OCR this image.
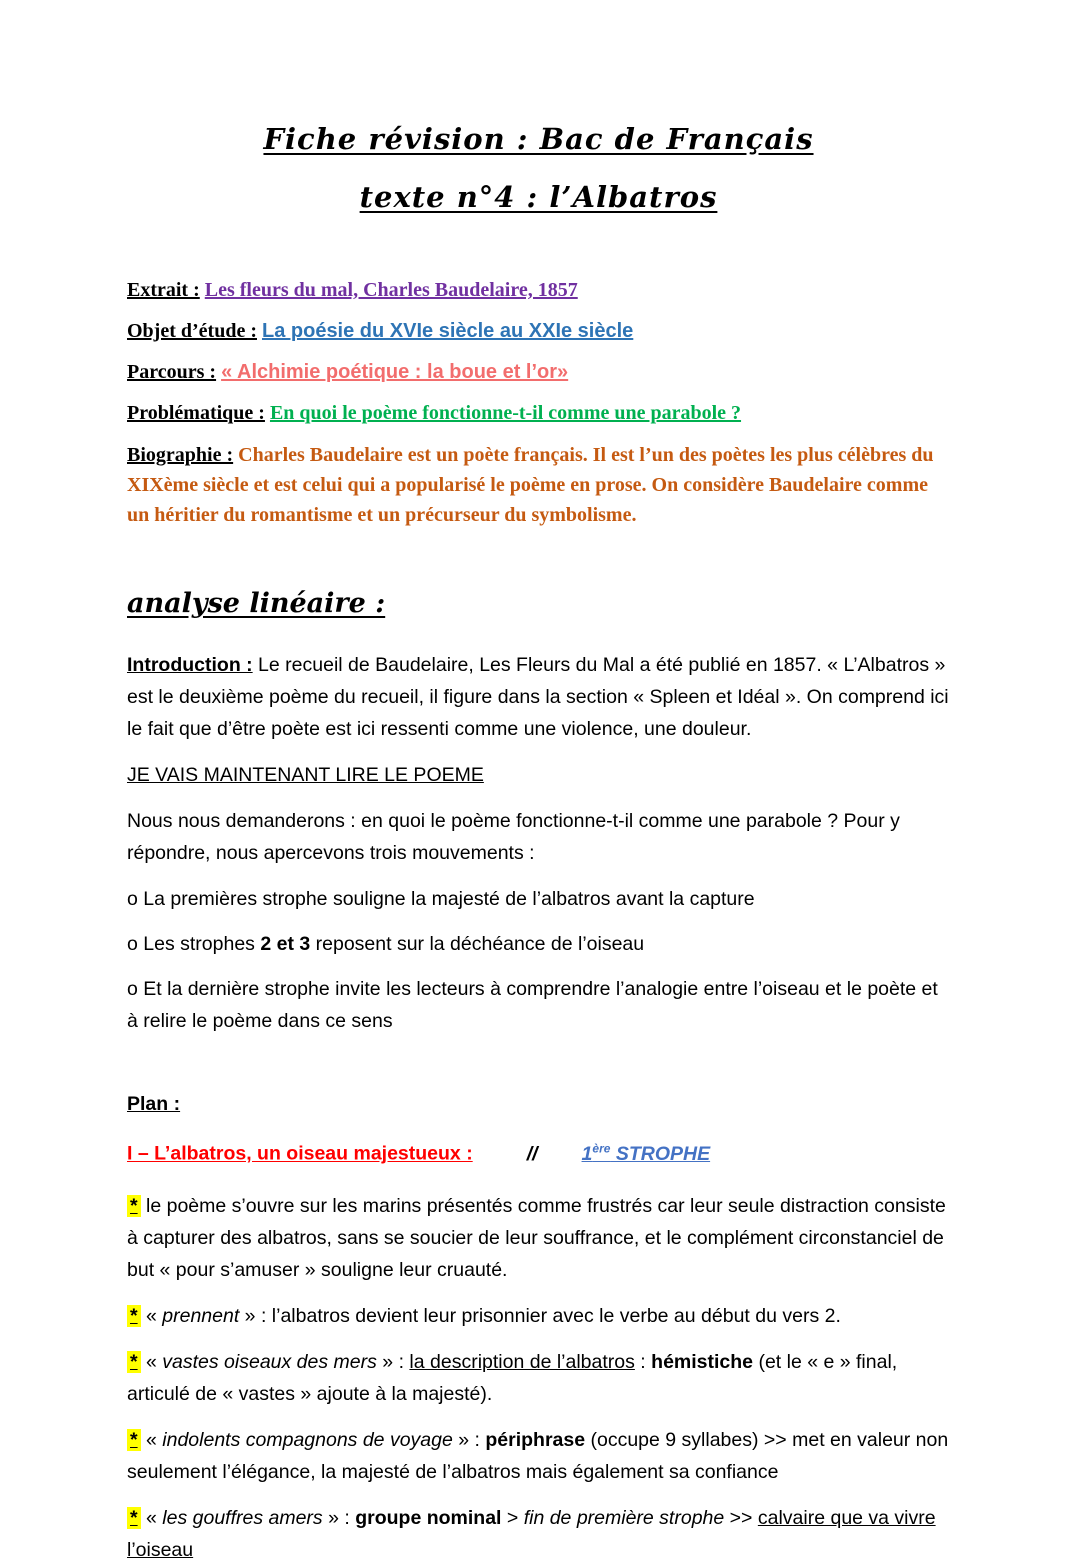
Fiche révision : Bac de Français
texte n°4 : l’Albatros

Extrait : Les fleurs du mal, Charles Baudelaire, 1857

Objet d’étude : La poésie du XVIe siècle au XXIe siècle

Parcours : « Alchimie poétique : la boue et l’or»

Problématique : En quoi le poème fonctionne-t-il comme une parabole ?

Biographie : Charles Baudelaire est un poète français. Il est l’un des poètes les plus célèbres du XIXème siècle et est celui qui a popularisé le poème en prose. On considère Baudelaire comme un héritier du romantisme et un précurseur du symbolisme.

analyse linéaire :

Introduction : Le recueil de Baudelaire, Les Fleurs du Mal a été publié en 1857. « L’Albatros » est le deuxième poème du recueil, il figure dans la section « Spleen et Idéal ». On comprend ici le fait que d’être poète est ici ressenti comme une violence, une douleur.

JE VAIS MAINTENANT LIRE LE POEME

Nous nous demanderons : en quoi le poème fonctionne-t-il comme une parabole ? Pour y répondre, nous apercevons trois mouvements :

o La premières strophe souligne la majesté de l’albatros avant la capture

o Les strophes 2 et 3 reposent sur la déchéance de l’oiseau

o Et la dernière strophe invite les lecteurs à comprendre l’analogie entre l’oiseau et le poète et à relire le poème dans ce sens

Plan :

I – L’albatros, un oiseau majestueux :	// 1ère STROPHE

* le poème s’ouvre sur les marins présentés comme frustrés car leur seule distraction consiste à capturer des albatros, sans se soucier de leur souffrance, et le complément circonstanciel de but « pour s’amuser » souligne leur cruauté.

* « prennent » : l’albatros devient leur prisonnier avec le verbe au début du vers 2.

* « vastes oiseaux des mers » : la description de l’albatros : hémistiche (et le « e » final, articulé de « vastes » ajoute à la majesté).

* « indolents compagnons de voyage » : périphrase (occupe 9 syllabes) >> met en valeur non seulement l’élégance, la majesté de l’albatros mais également sa confiance

* « les gouffres amers » : groupe nominal > fin de première strophe >> calvaire que va vivre l’oiseau
